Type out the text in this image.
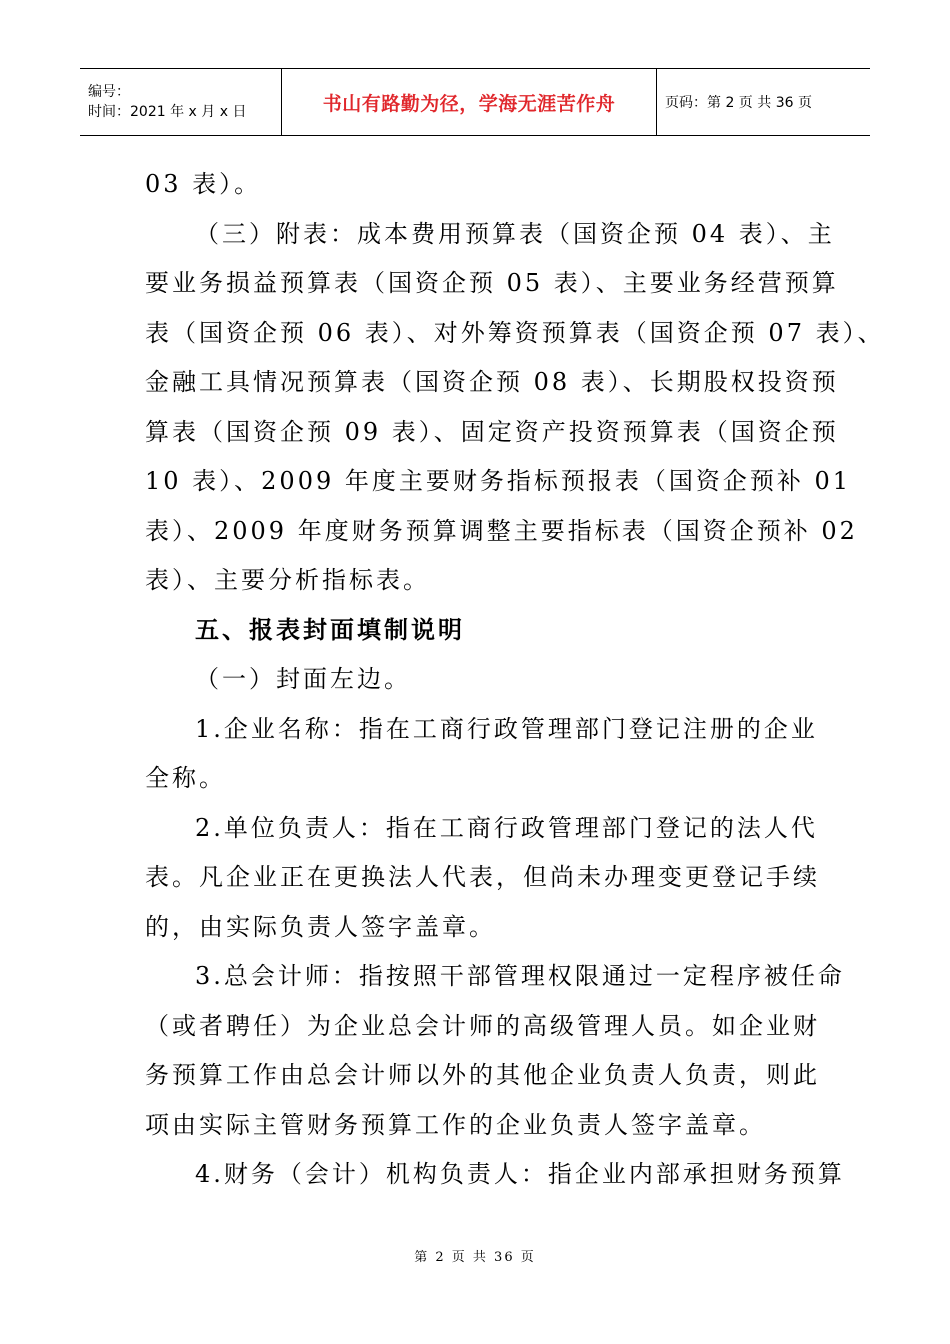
编号：
时间：2021 年 x 月 x 日	书山有路勤为径，学海无涯苦作舟	页码：第 2 页 共 36 页

03 表）。

（三）附表：成本费用预算表（国资企预 04 表）、主

要业务损益预算表（国资企预 05 表）、主要业务经营预算

表（国资企预 06 表）、对外筹资预算表（国资企预 07 表）、

金融工具情况预算表（国资企预 08 表）、长期股权投资预

算表（国资企预 09 表）、固定资产投资预算表（国资企预

10 表）、2009 年度主要财务指标预报表（国资企预补 01

表）、2009 年度财务预算调整主要指标表（国资企预补 02

表）、主要分析指标表。

五、报表封面填制说明

（一）封面左边。

1.企业名称：指在工商行政管理部门登记注册的企业

全称。

2.单位负责人：指在工商行政管理部门登记的法人代

表。凡企业正在更换法人代表，但尚未办理变更登记手续

的，由实际负责人签字盖章。

3.总会计师：指按照干部管理权限通过一定程序被任命

（或者聘任）为企业总会计师的高级管理人员。如企业财

务预算工作由总会计师以外的其他企业负责人负责，则此

项由实际主管财务预算工作的企业负责人签字盖章。

4.财务（会计）机构负责人：指企业内部承担财务预算

第 2 页 共 36 页
